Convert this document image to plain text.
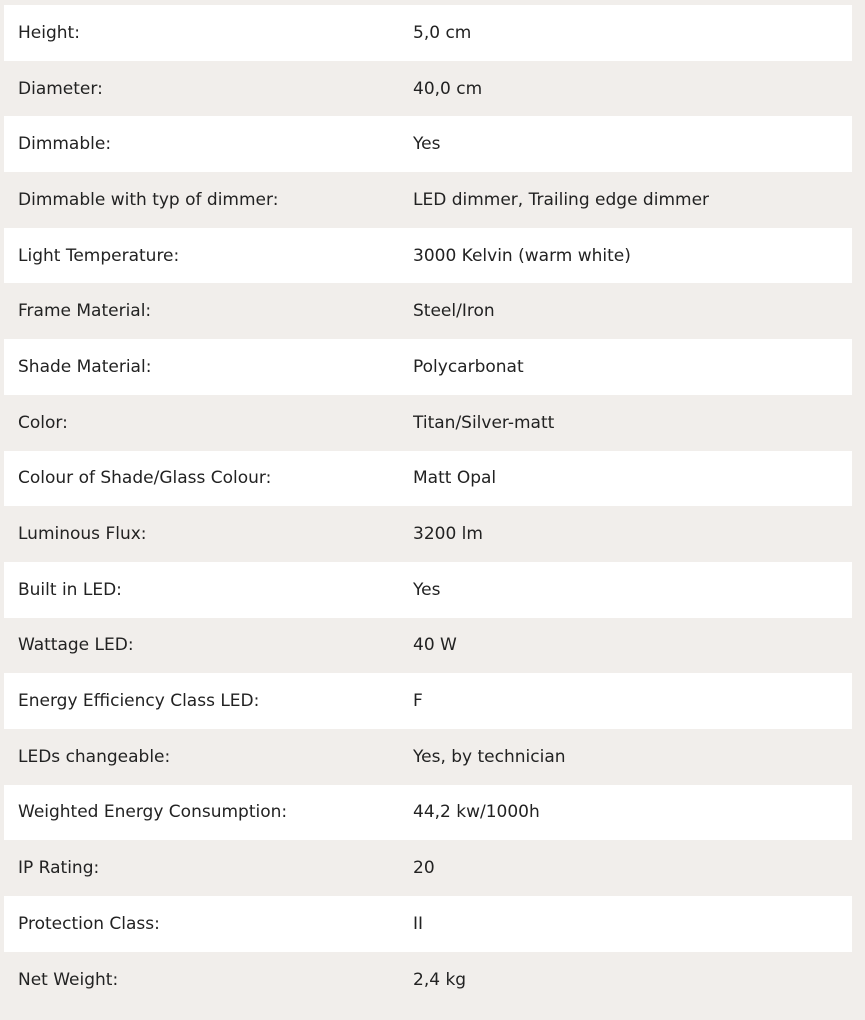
Height:	5,0 cm
Diameter:	40,0 cm
Dimmable:	Yes
Dimmable with typ of dimmer:	LED dimmer, Trailing edge dimmer
Light Temperature:	3000 Kelvin (warm white)
Frame Material:	Steel/Iron
Shade Material:	Polycarbonat
Color:	Titan/Silver-matt
Colour of Shade/Glass Colour:	Matt Opal
Luminous Flux:	3200 lm
Built in LED:	Yes
Wattage LED:	40 W
Energy Efficiency Class LED:	F
LEDs changeable:	Yes, by technician
Weighted Energy Consumption:	44,2 kw/1000h
IP Rating:	20
Protection Class:	II
Net Weight:	2,4 kg
